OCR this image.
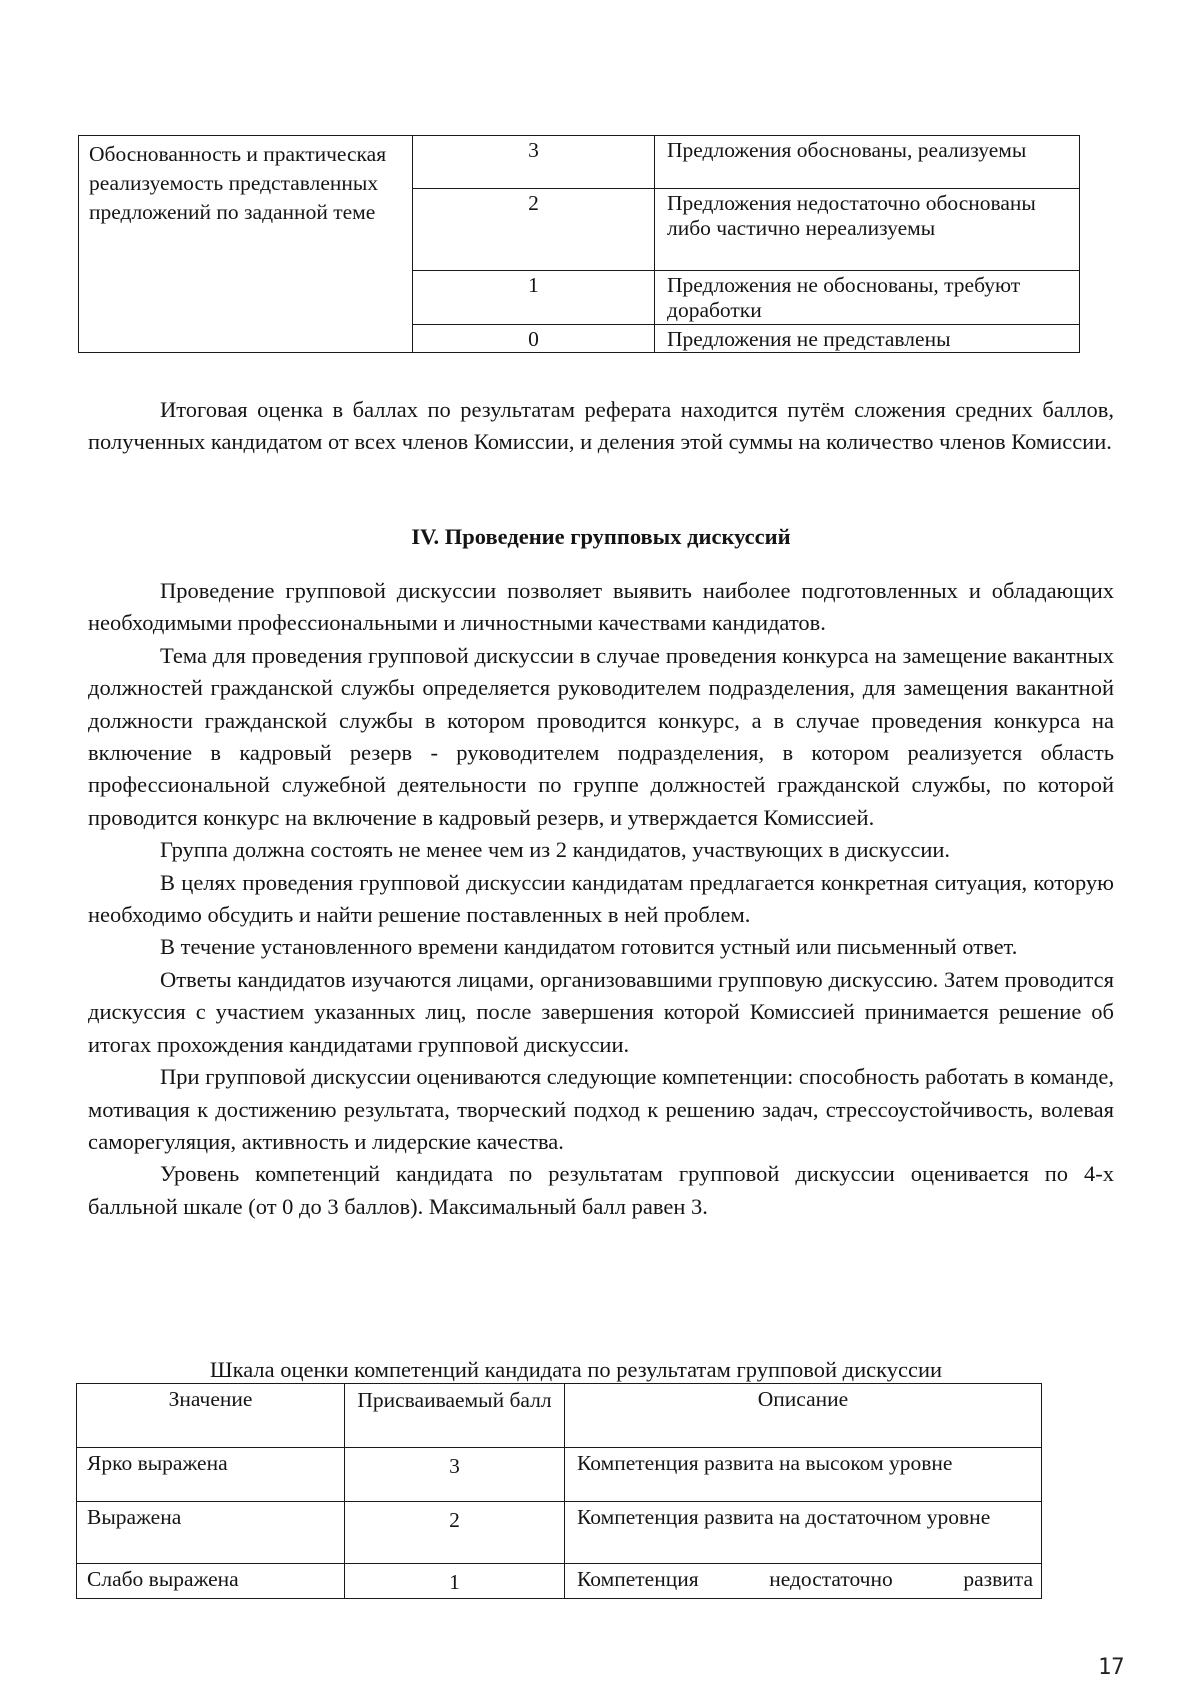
Обоснованность и практическая реализуемость представленных предложений по заданной теме	3	Предложения обоснованы, реализуемы
	2	Предложения недостаточно обоснованы либо частично нереализуемы
	1	Предложения не обоснованы, требуют доработки
	0	Предложения не представлены

Итоговая оценка в баллах по результатам реферата находится путём сложения средних баллов, полученных кандидатом от всех членов Комиссии, и деления этой суммы на количество членов Комиссии.

IV. Проведение групповых дискуссий

Проведение групповой дискуссии позволяет выявить наиболее подготовленных и обладающих необходимыми профессиональными и личностными качествами кандидатов.

Тема для проведения групповой дискуссии в случае проведения конкурса на замещение вакантных должностей гражданской службы определяется руководителем подразделения, для замещения вакантной должности гражданской службы в котором проводится конкурс, а в случае проведения конкурса на включение в кадровый резерв - руководителем подразделения, в котором реализуется область профессиональной служебной деятельности по группе должностей гражданской службы, по которой проводится конкурс на включение в кадровый резерв, и утверждается Комиссией.

Группа должна состоять не менее чем из 2 кандидатов, участвующих в дискуссии.

В целях проведения групповой дискуссии кандидатам предлагается конкретная ситуация, которую необходимо обсудить и найти решение поставленных в ней проблем.

В течение установленного времени кандидатом готовится устный или письменный ответ.

Ответы кандидатов изучаются лицами, организовавшими групповую дискуссию. Затем проводится дискуссия с участием указанных лиц, после завершения которой Комиссией принимается решение об итогах прохождения кандидатами групповой дискуссии.

При групповой дискуссии оцениваются следующие компетенции: способность работать в команде, мотивация к достижению результата, творческий подход к решению задач, стрессоустойчивость, волевая саморегуляция, активность и лидерские качества.

Уровень компетенций кандидата по результатам групповой дискуссии оценивается по 4-х балльной шкале (от 0 до 3 баллов). Максимальный балл равен 3.

Шкала оценки компетенций кандидата по результатам групповой дискуссии
Значение	Присваиваемый балл	Описание
Ярко выражена	3	Компетенция развита на высоком уровне
Выражена	2	Компетенция развита на достаточном уровне
Слабо выражена	1	Компетенция недостаточно развита
17
